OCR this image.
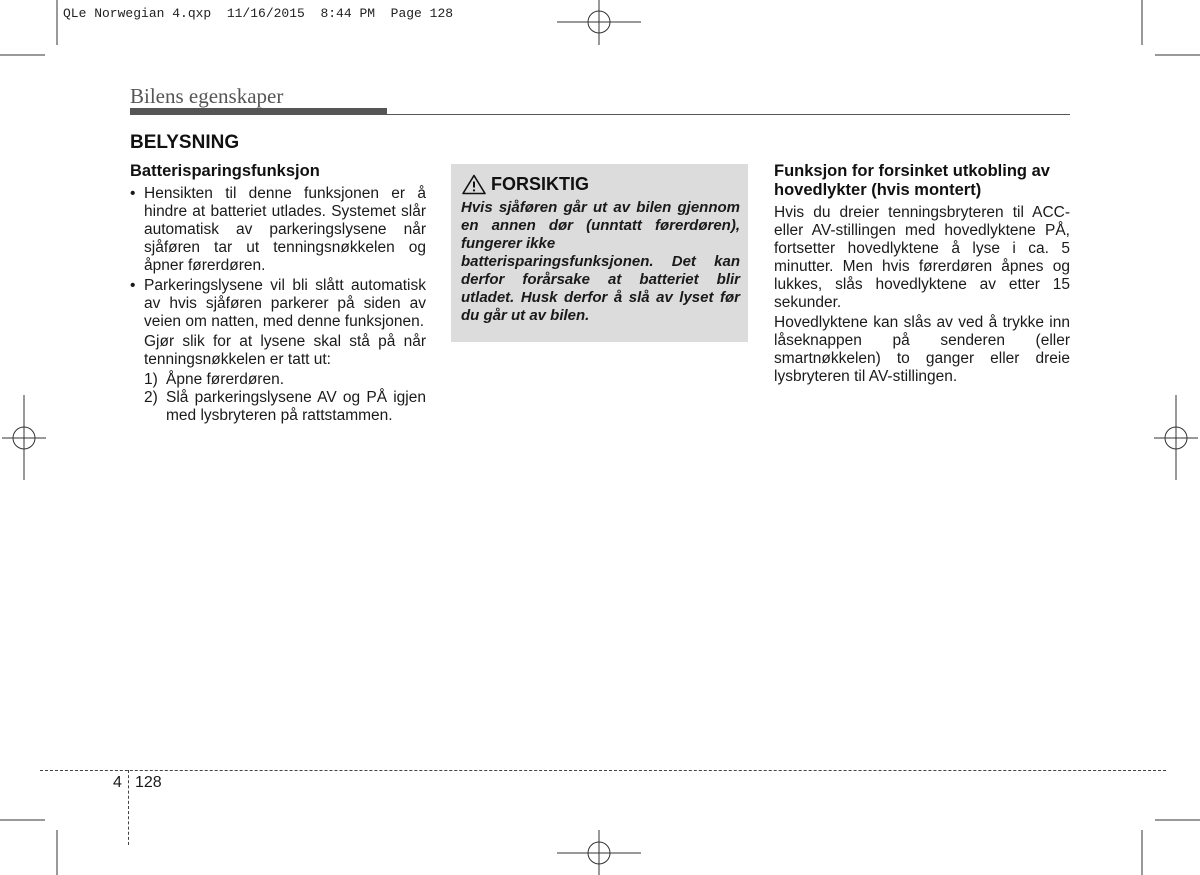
QLe Norwegian 4.qxp  11/16/2015  8:44 PM  Page 128
Bilens egenskaper
BELYSNING
Batterisparingsfunksjon
• Hensikten til denne funksjonen er å hindre at batteriet utlades. Systemet slår automatisk av parkeringslysene når sjåføren tar ut tenningsnøkkelen og åpner førerdøren.
• Parkeringslysene vil bli slått automatisk av hvis sjåføren parkerer på siden av veien om natten, med denne funksjonen.

Gjør slik for at lysene skal stå på når tenningsnøkkelen er tatt ut:

1) Åpne førerdøren.
2) Slå parkeringslysene AV og PÅ igjen med lysbryteren på rattstammen.
FORSIKTIG

Hvis sjåføren går ut av bilen gjennom en annen dør (unntatt førerdøren), fungerer ikke

batterisparingsfunksjonen. Det kan derfor forårsake at batteriet blir utladet. Husk derfor å slå av lyset før du går ut av bilen.

Funksjon for forsinket utkobling av hovedlykter (hvis montert)

Hvis du dreier tenningsbryteren til ACC-eller AV-stillingen med hovedlyktene PÅ, fortsetter hovedlyktene å lyse i ca. 5 minutter. Men hvis førerdøren åpnes og lukkes, slås hovedlyktene av etter 15 sekunder.

Hovedlyktene kan slås av ved å trykke inn låseknappen på senderen (eller smartnøkkelen) to ganger eller dreie lysbryteren til AV-stillingen.

4 128
